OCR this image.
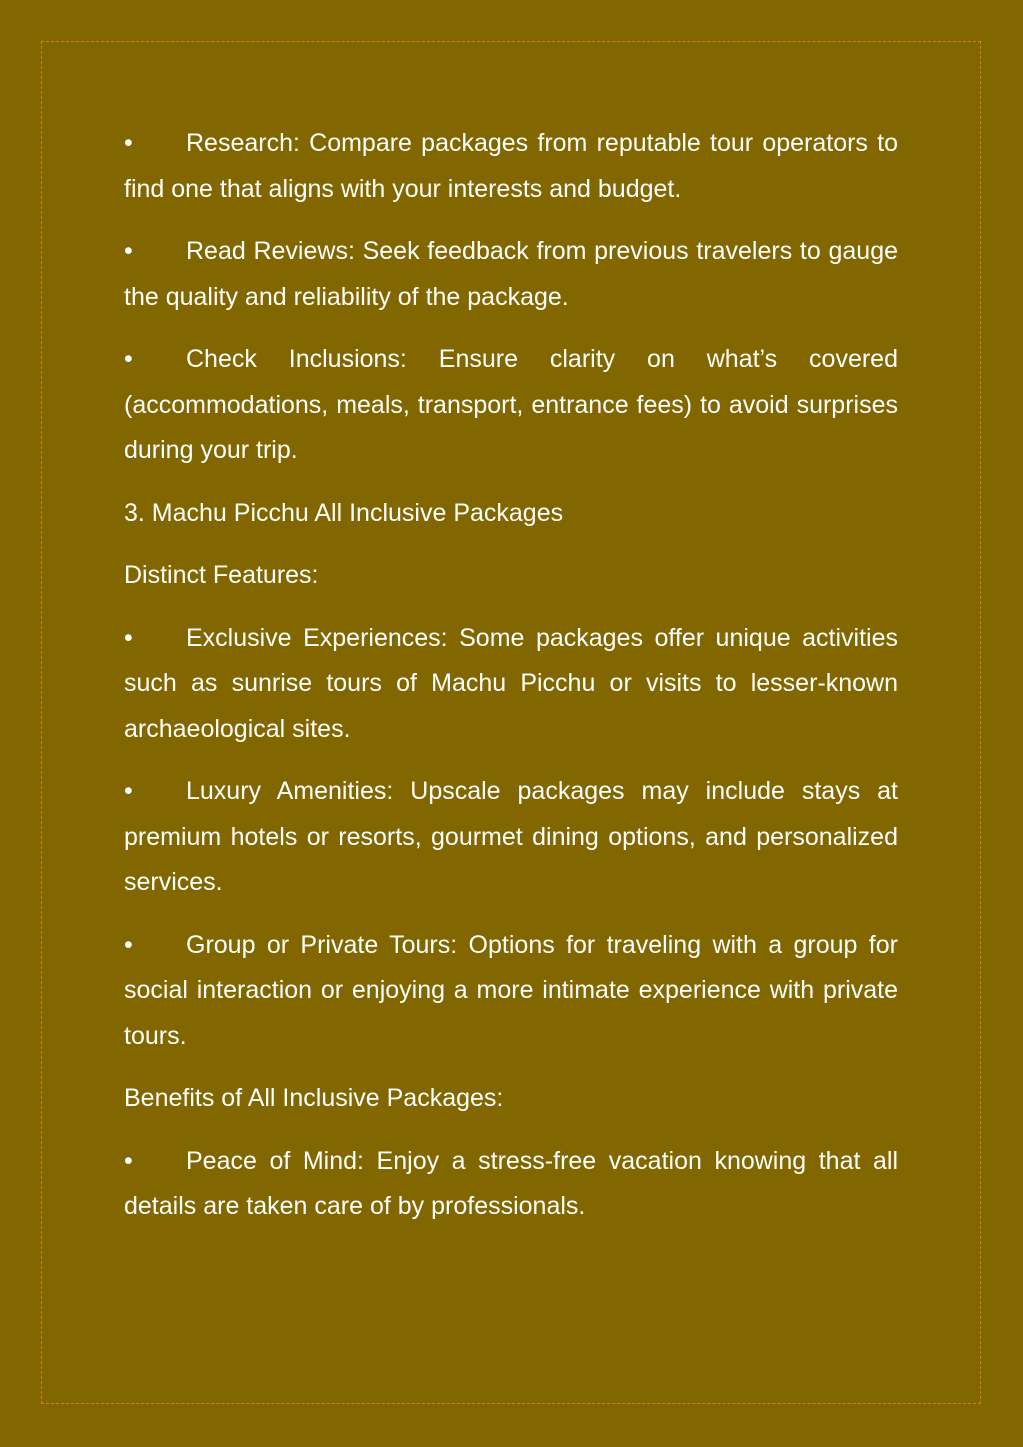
• Research: Compare packages from reputable tour operators to find one that aligns with your interests and budget.

• Read Reviews: Seek feedback from previous travelers to gauge the quality and reliability of the package.

• Check Inclusions: Ensure clarity on what’s covered (accommodations, meals, transport, entrance fees) to avoid surprises during your trip.

3. Machu Picchu All Inclusive Packages

Distinct Features:

• Exclusive Experiences: Some packages offer unique activities such as sunrise tours of Machu Picchu or visits to lesser-known archaeological sites.

• Luxury Amenities: Upscale packages may include stays at premium hotels or resorts, gourmet dining options, and personalized services.

• Group or Private Tours: Options for traveling with a group for social interaction or enjoying a more intimate experience with private tours.

Benefits of All Inclusive Packages:

• Peace of Mind: Enjoy a stress-free vacation knowing that all details are taken care of by professionals.
